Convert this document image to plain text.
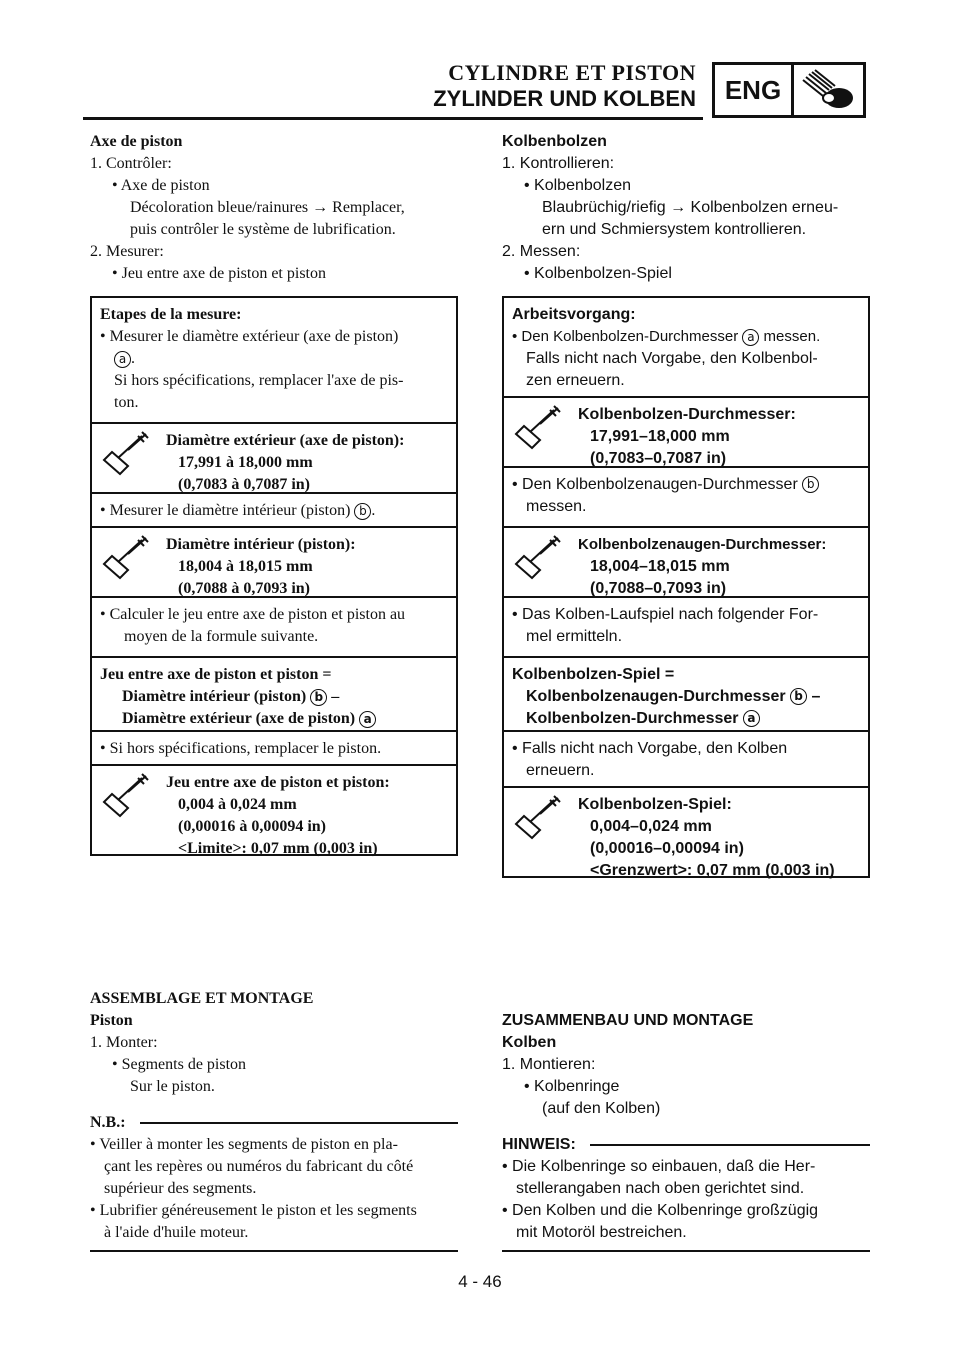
CYLINDRE ET PISTON
ZYLINDER UND KOLBEN	ENG
Axe de piston
1. Contrôler:
• Axe de piston
Décoloration bleue/rainures → Remplacer,
puis contrôler le système de lubrification.
2. Mesurer:
• Jeu entre axe de piston et piston
Etapes de la mesure:
• Mesurer le diamètre extérieur (axe de piston)
a .
Si hors spécifications, remplacer l'axe de pis-
ton.
Diamètre extérieur (axe de piston):
17,991 à 18,000 mm
(0,7083 à 0,7087 in)
• Mesurer le diamètre intérieur (piston) b .
Diamètre intérieur (piston):
18,004 à 18,015 mm
(0,7088 à 0,7093 in)
• Calculer le jeu entre axe de piston et piston au
moyen de la formule suivante.
Jeu entre axe de piston et piston =
Diamètre intérieur (piston) b –
Diamètre extérieur (axe de piston) a
• Si hors spécifications, remplacer le piston.
Jeu entre axe de piston et piston:
0,004 à 0,024 mm
(0,00016 à 0,00094 in)
<Limite>: 0,07 mm (0,003 in)
ASSEMBLAGE ET MONTAGE
Piston
1. Monter:
• Segments de piston
Sur le piston.
N.B.:
• Veiller à monter les segments de piston en pla-
çant les repères ou numéros du fabricant du côté
supérieur des segments.
• Lubrifier généreusement le piston et les segments
à l'aide d'huile moteur.
Kolbenbolzen
1. Kontrollieren:
• Kolbenbolzen
Blaubrüchig/riefig → Kolbenbolzen erneu-
ern und Schmiersystem kontrollieren.
2. Messen:
• Kolbenbolzen-Spiel
Arbeitsvorgang:
• Den Kolbenbolzen-Durchmesser a messen.
Falls nicht nach Vorgabe, den Kolbenbol-
zen erneuern.
Kolbenbolzen-Durchmesser:
17,991–18,000 mm
(0,7083–0,7087 in)
• Den Kolbenbolzenaugen-Durchmesser b
messen.
Kolbenbolzenaugen-Durchmesser:
18,004–18,015 mm
(0,7088–0,7093 in)
• Das Kolben-Laufspiel nach folgender For-
mel ermitteln.
Kolbenbolzen-Spiel =
Kolbenbolzenaugen-Durchmesser b –
Kolbenbolzen-Durchmesser a
• Falls nicht nach Vorgabe, den Kolben
erneuern.
Kolbenbolzen-Spiel:
0,004–0,024 mm
(0,00016–0,00094 in)
<Grenzwert>: 0,07 mm (0,003 in)
ZUSAMMENBAU UND MONTAGE
Kolben
1. Montieren:
• Kolbenringe
(auf den Kolben)
HINWEIS:
• Die Kolbenringe so einbauen, daß die Her-
stellerangaben nach oben gerichtet sind.
• Den Kolben und die Kolbenringe großzügig
mit Motoröl bestreichen.
4 - 46
